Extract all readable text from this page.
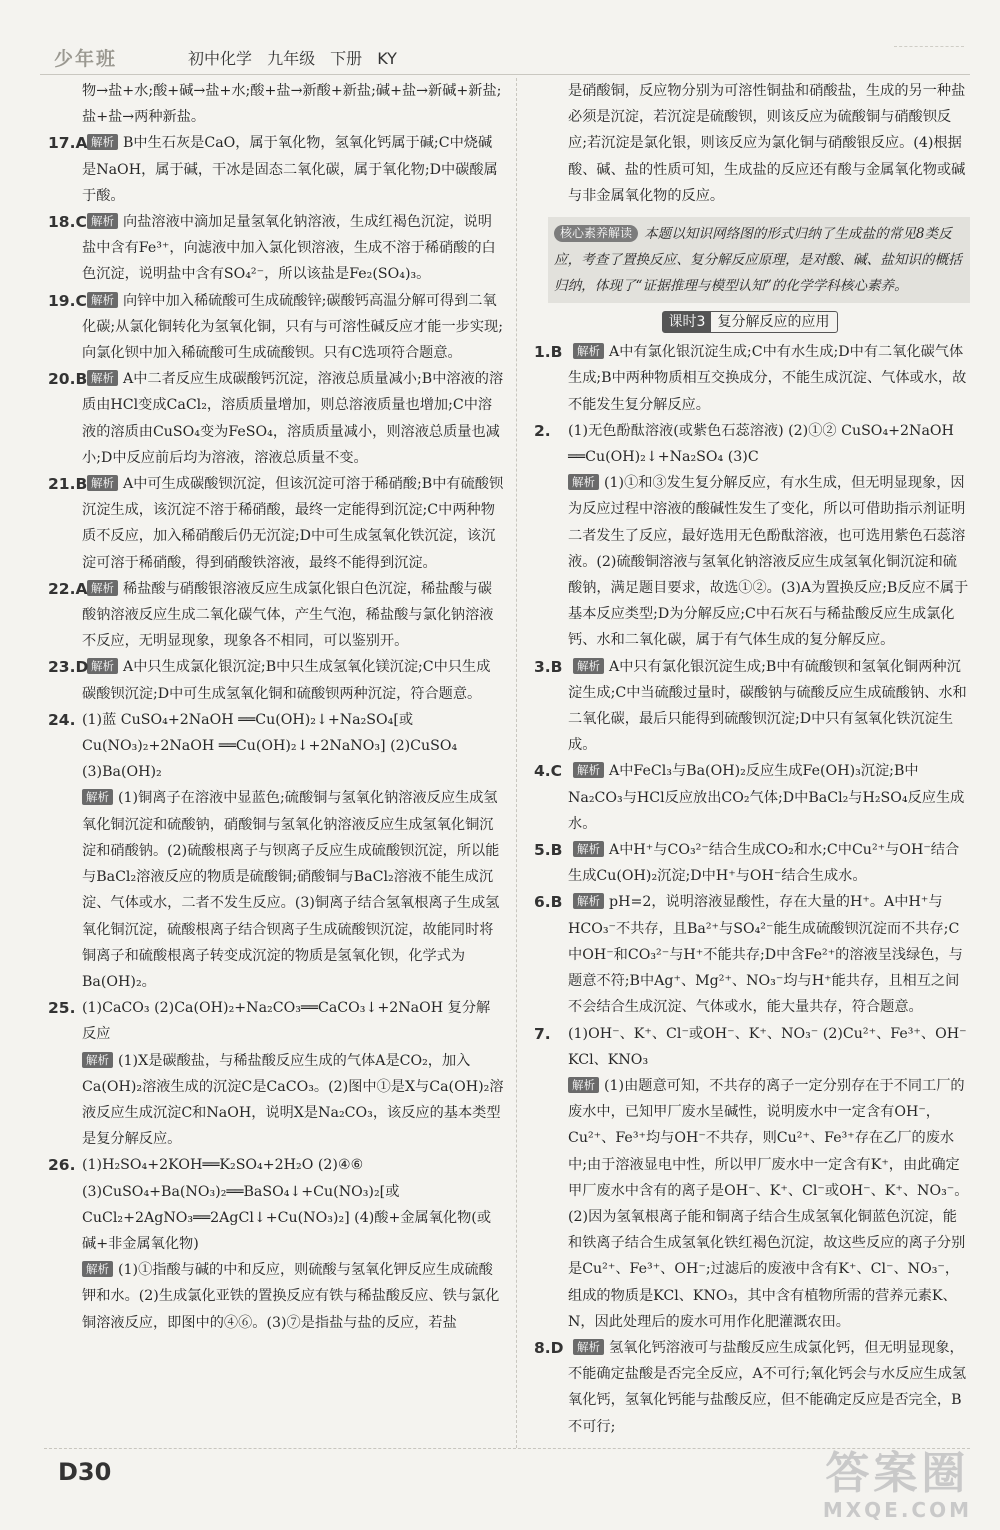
少年班	初中化学 九年级 下册 KY
物→盐+水;酸+碱→盐+水;酸+盐→新酸+新盐;碱+盐→新碱+新盐;盐+盐→两种新盐。
17.A 解析 B中生石灰是CaO，属于氧化物，氢氧化钙属于碱;C中烧碱是NaOH，属于碱，干冰是固态二氧化碳，属于氧化物;D中碳酸属于酸。
18.C 解析 向盐溶液中滴加足量氢氧化钠溶液，生成红褐色沉淀，说明盐中含有Fe³⁺，向滤液中加入氯化钡溶液，生成不溶于稀硝酸的白色沉淀，说明盐中含有SO₄²⁻，所以该盐是Fe₂(SO₄)₃。
19.C 解析 向锌中加入稀硫酸可生成硫酸锌;碳酸钙高温分解可得到二氧化碳;从氯化铜转化为氢氧化铜，只有与可溶性碱反应才能一步实现;向氯化钡中加入稀硫酸可生成硫酸钡。只有C选项符合题意。
20.B 解析 A中二者反应生成碳酸钙沉淀，溶液总质量减小;B中溶液的溶质由HCl变成CaCl₂，溶质质量增加，则总溶液质量也增加;C中溶液的溶质由CuSO₄变为FeSO₄，溶质质量减小，则溶液总质量也减小;D中反应前后均为溶液，溶液总质量不变。
21.B 解析 A中可生成碳酸钡沉淀，但该沉淀可溶于稀硝酸;B中有硫酸钡沉淀生成，该沉淀不溶于稀硝酸，最终一定能得到沉淀;C中两种物质不反应，加入稀硝酸后仍无沉淀;D中可生成氢氧化铁沉淀，该沉淀可溶于稀硝酸，得到硝酸铁溶液，最终不能得到沉淀。
22.A 解析 稀盐酸与硝酸银溶液反应生成氯化银白色沉淀，稀盐酸与碳酸钠溶液反应生成二氧化碳气体，产生气泡，稀盐酸与氯化钠溶液不反应，无明显现象，现象各不相同，可以鉴别开。
23.D 解析 A中只生成氯化银沉淀;B中只生成氢氧化镁沉淀;C中只生成碳酸钡沉淀;D中可生成氢氧化铜和硫酸钡两种沉淀，符合题意。
24. (1)蓝 CuSO₄+2NaOH ══Cu(OH)₂↓+Na₂SO₄[或Cu(NO₃)₂+2NaOH ══Cu(OH)₂↓+2NaNO₃] (2)CuSO₄ (3)Ba(OH)₂
解析 (1)铜离子在溶液中显蓝色;硫酸铜与氢氧化钠溶液反应生成氢氧化铜沉淀和硫酸钠，硝酸铜与氢氧化钠溶液反应生成氢氧化铜沉淀和硝酸钠。(2)硫酸根离子与钡离子反应生成硫酸钡沉淀，所以能与BaCl₂溶液反应的物质是硫酸铜;硝酸铜与BaCl₂溶液不能生成沉淀、气体或水，二者不发生反应。(3)铜离子结合氢氧根离子生成氢氧化铜沉淀，硫酸根离子结合钡离子生成硫酸钡沉淀，故能同时将铜离子和硫酸根离子转变成沉淀的物质是氢氧化钡，化学式为Ba(OH)₂。
25. (1)CaCO₃ (2)Ca(OH)₂+Na₂CO₃══CaCO₃↓+2NaOH 复分解反应
解析 (1)X是碳酸盐，与稀盐酸反应生成的气体A是CO₂，加入Ca(OH)₂溶液生成的沉淀C是CaCO₃。(2)图中①是X与Ca(OH)₂溶液反应生成沉淀C和NaOH，说明X是Na₂CO₃，该反应的基本类型是复分解反应。
26. (1)H₂SO₄+2KOH══K₂SO₄+2H₂O (2)④⑥ (3)CuSO₄+Ba(NO₃)₂══BaSO₄↓+Cu(NO₃)₂[或CuCl₂+2AgNO₃══2AgCl↓+Cu(NO₃)₂] (4)酸+金属氧化物(或碱+非金属氧化物)
解析 (1)①指酸与碱的中和反应，则硫酸与氢氧化钾反应生成硫酸钾和水。(2)生成氯化亚铁的置换反应有铁与稀盐酸反应、铁与氯化铜溶液反应，即图中的④⑥。(3)⑦是指盐与盐的反应，若盐
是硝酸铜，反应物分别为可溶性铜盐和硝酸盐，生成的另一种盐必须是沉淀，若沉淀是硫酸钡，则该反应为硫酸铜与硝酸钡反应;若沉淀是氯化银，则该反应为氯化铜与硝酸银反应。(4)根据酸、碱、盐的性质可知，生成盐的反应还有酸与金属氧化物或碱与非金属氧化物的反应。
核心素养解读 本题以知识网络图的形式归纳了生成盐的常见8类反应，考查了置换反应、复分解反应原理，是对酸、碱、盐知识的概括归纳，体现了“证据推理与模型认知”的化学学科核心素养。
课时3 复分解反应的应用
1.B 解析 A中有氯化银沉淀生成;C中有水生成;D中有二氧化碳气体生成;B中两种物质相互交换成分，不能生成沉淀、气体或水，故不能发生复分解反应。
2. (1)无色酚酞溶液(或紫色石蕊溶液) (2)①② CuSO₄+2NaOH ══Cu(OH)₂↓+Na₂SO₄ (3)C
解析 (1)①和③发生复分解反应，有水生成，但无明显现象，因为反应过程中溶液的酸碱性发生了变化，所以可借助指示剂证明二者发生了反应，最好选用无色酚酞溶液，也可选用紫色石蕊溶液。(2)硫酸铜溶液与氢氧化钠溶液反应生成氢氧化铜沉淀和硫酸钠，满足题目要求，故选①②。(3)A为置换反应;B反应不属于基本反应类型;D为分解反应;C中石灰石与稀盐酸反应生成氯化钙、水和二氧化碳，属于有气体生成的复分解反应。
3.B 解析 A中只有氯化银沉淀生成;B中有硫酸钡和氢氧化铜两种沉淀生成;C中当硫酸过量时，碳酸钠与硫酸反应生成硫酸钠、水和二氧化碳，最后只能得到硫酸钡沉淀;D中只有氢氧化铁沉淀生成。
4.C 解析 A中FeCl₃与Ba(OH)₂反应生成Fe(OH)₃沉淀;B中Na₂CO₃与HCl反应放出CO₂气体;D中BaCl₂与H₂SO₄反应生成水。
5.B 解析 A中H⁺与CO₃²⁻结合生成CO₂和水;C中Cu²⁺与OH⁻结合生成Cu(OH)₂沉淀;D中H⁺与OH⁻结合生成水。
6.B 解析 pH=2，说明溶液显酸性，存在大量的H⁺。A中H⁺与HCO₃⁻不共存，且Ba²⁺与SO₄²⁻能生成硫酸钡沉淀而不共存;C中OH⁻和CO₃²⁻与H⁺不能共存;D中含Fe²⁺的溶液呈浅绿色，与题意不符;B中Ag⁺、Mg²⁺、NO₃⁻均与H⁺能共存，且相互之间不会结合生成沉淀、气体或水，能大量共存，符合题意。
7. (1)OH⁻、K⁺、Cl⁻或OH⁻、K⁺、NO₃⁻ (2)Cu²⁺、Fe³⁺、OH⁻ KCl、KNO₃
解析 (1)由题意可知，不共存的离子一定分别存在于不同工厂的废水中，已知甲厂废水呈碱性，说明废水中一定含有OH⁻，Cu²⁺、Fe³⁺均与OH⁻不共存，则Cu²⁺、Fe³⁺存在乙厂的废水中;由于溶液显电中性，所以甲厂废水中一定含有K⁺，由此确定甲厂废水中含有的离子是OH⁻、K⁺、Cl⁻或OH⁻、K⁺、NO₃⁻。(2)因为氢氧根离子能和铜离子结合生成氢氧化铜蓝色沉淀，能和铁离子结合生成氢氧化铁红褐色沉淀，故这些反应的离子分别是Cu²⁺、Fe³⁺、OH⁻;过滤后的废液中含有K⁺、Cl⁻、NO₃⁻，组成的物质是KCl、KNO₃，其中含有植物所需的营养元素K、N，因此处理后的废水可用作化肥灌溉农田。
8.D 解析 氢氧化钙溶液可与盐酸反应生成氯化钙，但无明显现象，不能确定盐酸是否完全反应，A不可行;氧化钙会与水反应生成氢氧化钙，氢氧化钙能与盐酸反应，但不能确定反应是否完全，B不可行;
D30	答案圈
MXQE.COM
